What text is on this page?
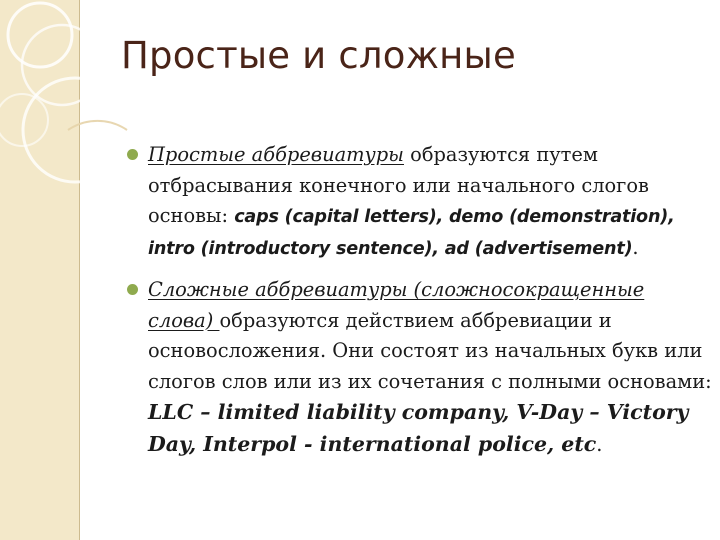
Простые и сложные
Простые аббревиатуры образуются путем отбрасывания конечного или начального слогов основы: caps (capital letters), demo (demonstration), intro (introductory sentence), ad (advertisement).
Сложные аббревиатуры (сложносокращенные слова) образуются действием аббревиации и основосложения. Они состоят из начальных букв или слогов слов или из их сочетания с полными основами: LLC – limited liability company, V-Day – Victory Day, Interpol - international police, etc.
